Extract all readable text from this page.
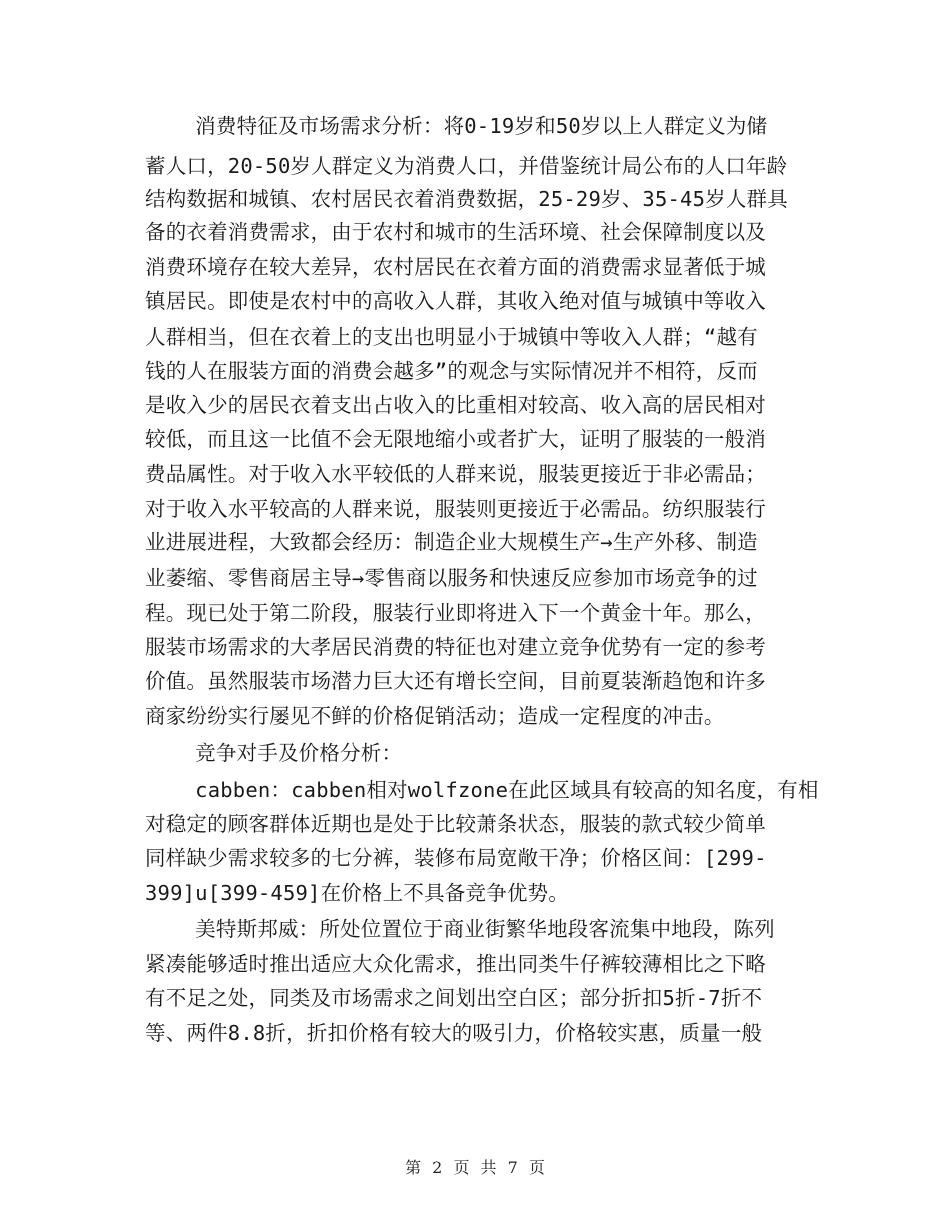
消费特征及市场需求分析：将0-19岁和50岁以上人群定义为储
蓄人口，20-50岁人群定义为消费人口，并借鉴统计局公布的人口年龄
结构数据和城镇、农村居民衣着消费数据，25-29岁、35-45岁人群具
备的衣着消费需求，由于农村和城市的生活环境、社会保障制度以及
消费环境存在较大差异，农村居民在衣着方面的消费需求显著低于城
镇居民。即使是农村中的高收入人群，其收入绝对值与城镇中等收入
人群相当，但在衣着上的支出也明显小于城镇中等收入人群；“越有
钱的人在服装方面的消费会越多”的观念与实际情况并不相符，反而
是收入少的居民衣着支出占收入的比重相对较高、收入高的居民相对
较低，而且这一比值不会无限地缩小或者扩大，证明了服装的一般消
费品属性。对于收入水平较低的人群来说，服装更接近于非必需品；
对于收入水平较高的人群来说，服装则更接近于必需品。纺织服装行
业进展进程，大致都会经历：制造企业大规模生产→生产外移、制造
业萎缩、零售商居主导→零售商以服务和快速反应参加市场竞争的过
程。现已处于第二阶段，服装行业即将进入下一个黄金十年。那么，
服装市场需求的大孝居民消费的特征也对建立竞争优势有一定的参考
价值。虽然服装市场潜力巨大还有增长空间，目前夏装渐趋饱和许多
商家纷纷实行屡见不鲜的价格促销活动；造成一定程度的冲击。
竞争对手及价格分析：
cabben：cabben相对wolfzone在此区域具有较高的知名度，有相
对稳定的顾客群体近期也是处于比较萧条状态，服装的款式较少简单
同样缺少需求较多的七分裤，装修布局宽敞干净；价格区间：[299-
399]u[399-459]在价格上不具备竞争优势。
美特斯邦威：所处位置位于商业街繁华地段客流集中地段，陈列
紧凑能够适时推出适应大众化需求，推出同类牛仔裤较薄相比之下略
有不足之处，同类及市场需求之间划出空白区；部分折扣5折-7折不
等、两件8.8折，折扣价格有较大的吸引力，价格较实惠，质量一般
第 2 页 共 7 页
